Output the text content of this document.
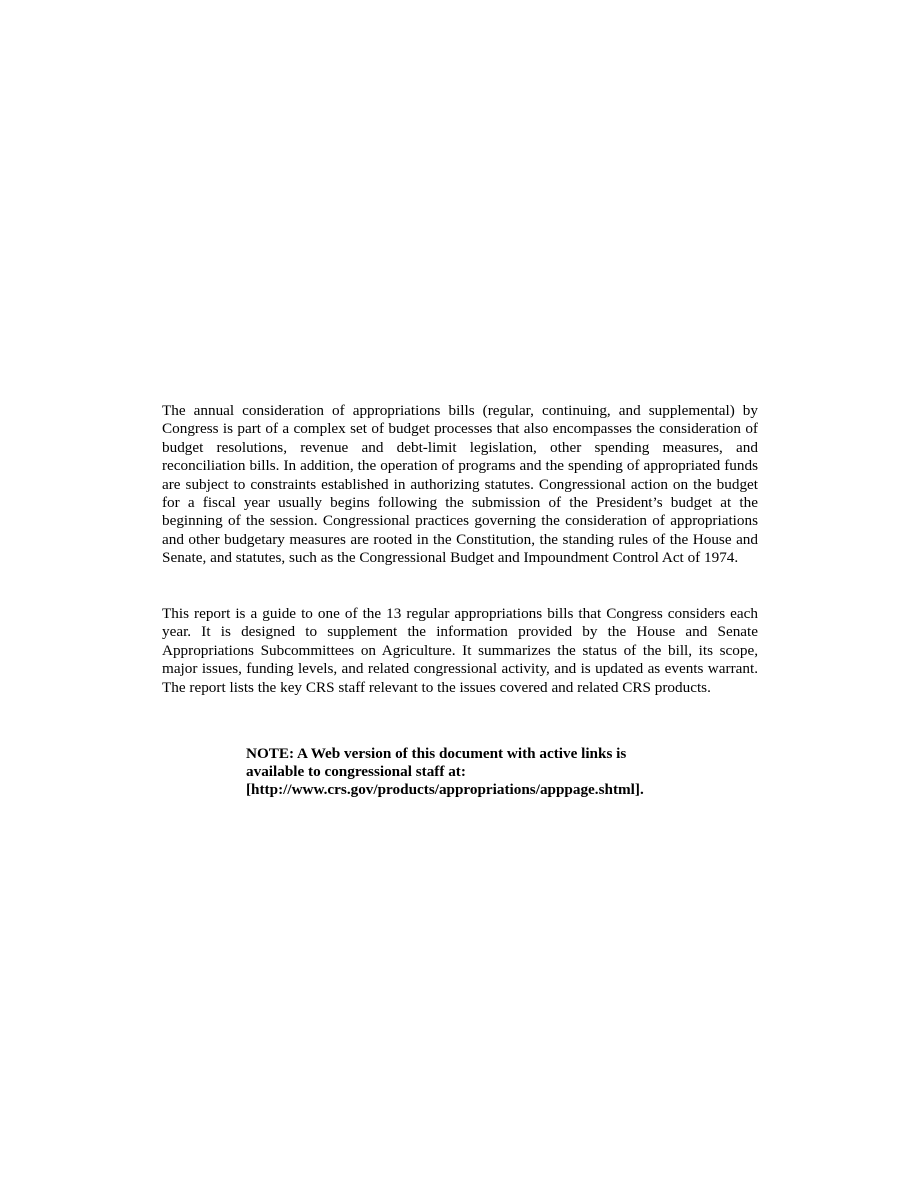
The annual consideration of appropriations bills (regular, continuing, and supplemental) by Congress is part of a complex set of budget processes that also encompasses the consideration of budget resolutions, revenue and debt-limit legislation, other spending measures, and reconciliation bills. In addition, the operation of programs and the spending of appropriated funds are subject to constraints established in authorizing statutes. Congressional action on the budget for a fiscal year usually begins following the submission of the President’s budget at the beginning of the session. Congressional practices governing the consideration of appropriations and other budgetary measures are rooted in the Constitution, the standing rules of the House and Senate, and statutes, such as the Congressional Budget and Impoundment Control Act of 1974.

This report is a guide to one of the 13 regular appropriations bills that Congress considers each year. It is designed to supplement the information provided by the House and Senate Appropriations Subcommittees on Agriculture. It summarizes the status of the bill, its scope, major issues, funding levels, and related congressional activity, and is updated as events warrant. The report lists the key CRS staff relevant to the issues covered and related CRS products.

NOTE: A Web version of this document with active links is
available to congressional staff at:
[http://www.crs.gov/products/appropriations/apppage.shtml].
